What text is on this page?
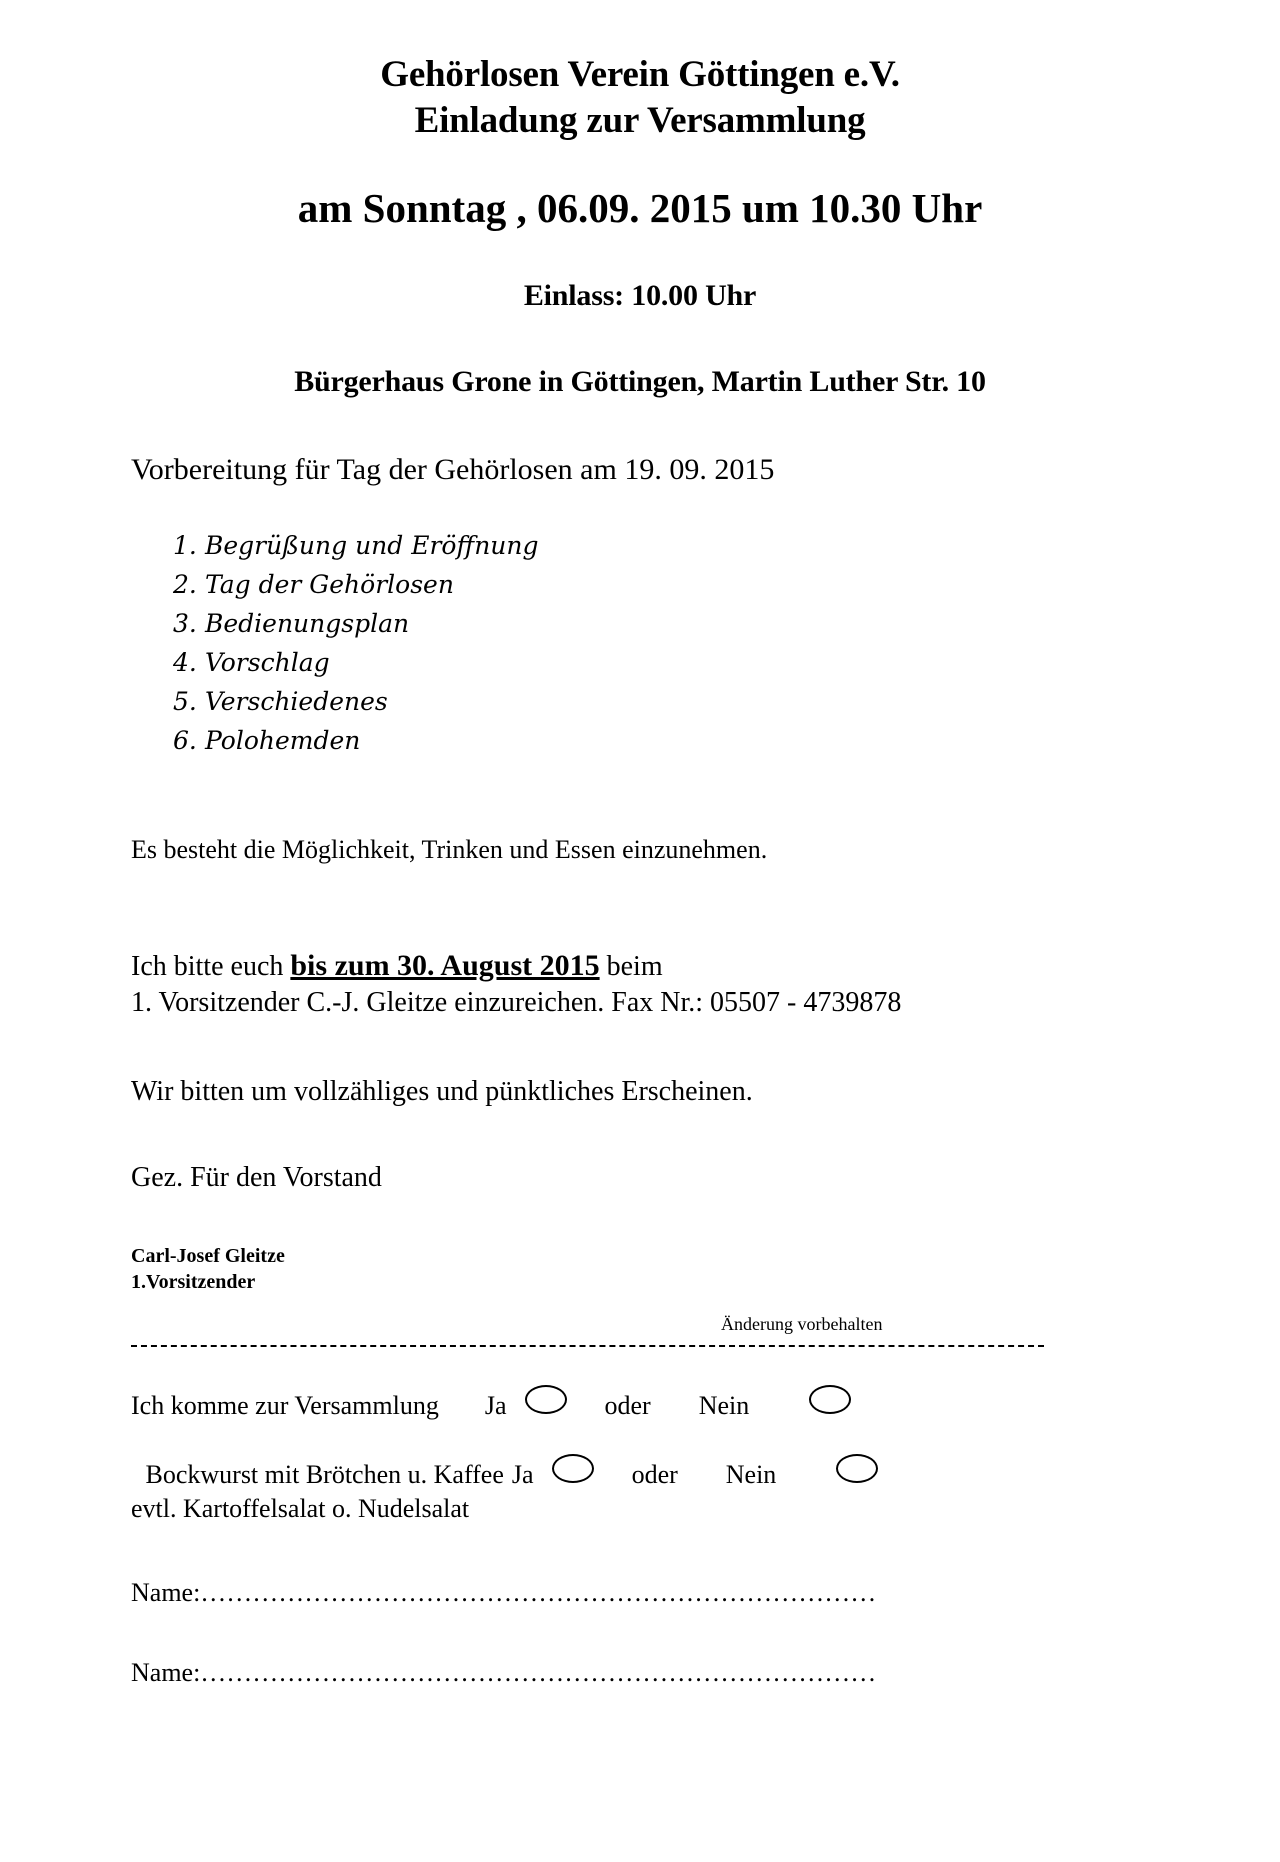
Gehörlosen Verein Göttingen e.V.
Einladung zur Versammlung
am Sonntag , 06.09. 2015 um 10.30 Uhr
Einlass: 10.00 Uhr
Bürgerhaus Grone in Göttingen, Martin Luther Str. 10
Vorbereitung für Tag der Gehörlosen am 19. 09. 2015
1. Begrüßung und Eröffnung
2. Tag der Gehörlosen
3. Bedienungsplan
4. Vorschlag
5. Verschiedenes
6. Polohemden
Es besteht die Möglichkeit, Trinken und Essen einzunehmen.
Ich bitte euch bis zum 30. August 2015 beim
1. Vorsitzender C.-J. Gleitze einzureichen. Fax Nr.: 05507 - 4739878
Wir bitten um vollzähliges und pünktliches Erscheinen.
Gez. Für den Vorstand
Carl-Josef Gleitze
1.Vorsitzender
Änderung vorbehalten
Ich komme zur Versammlung Ja	oder Nein
Bockwurst mit Brötchen u. Kaffee Ja	oder Nein
evtl. Kartoffelsalat o. Nudelsalat
Name:……………………………………………………………………
Name:……………………………………………………………………
